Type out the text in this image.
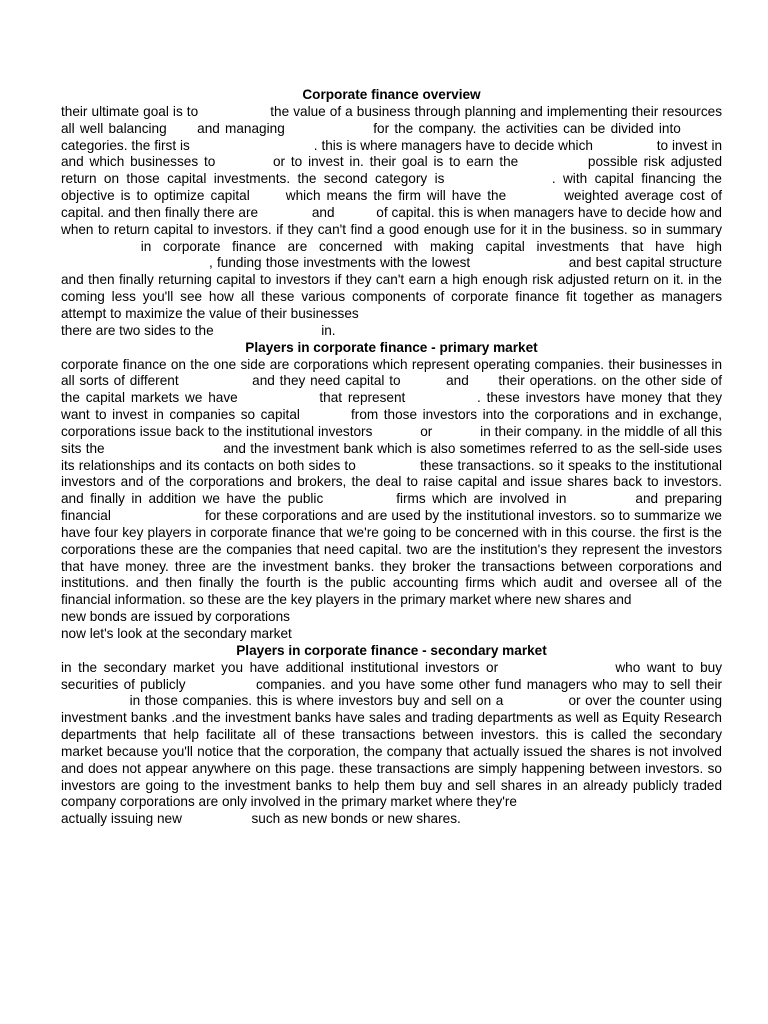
Corporate finance overview
their ultimate goal is to	the value of a business through planning and implementing their resources all well balancing and managing	for the company. the activities can be divided into  categories. the first is	. this is where managers have to decide which	to invest in and which businesses to	or to invest in. their goal is to earn the	possible risk adjusted return on those capital investments. the second category is	. with capital financing the objective is to optimize capital	which means the firm will have the	weighted average cost of capital. and then finally there are	and	of capital. this is when managers have to decide how and when to return capital to investors. if they can't find a good enough use for it in the business. so in summary  in corporate finance are concerned with making capital investments that have high , funding those investments with the lowest	and best capital structure and then finally returning capital to investors if they can't earn a high enough risk adjusted return on it. in the coming less you'll see how all these various components of corporate finance fit together as managers attempt to maximize the value of their businesses
there are two sides to the	in.
Players in corporate finance - primary market
corporate finance on the one side are corporations which represent operating companies. their businesses in all sorts of different	and they need capital to	and their operations. on the other side of the capital markets we have	that represent	. these investors have money that they want to invest in companies so capital	from those investors into the corporations and in exchange, corporations issue back to the institutional investors	or	in their company. in the middle of all this sits the	and the investment bank which is also sometimes referred to as the sell-side uses its relationships and its contacts on both sides to	these transactions. so it speaks to the institutional investors and of the corporations and brokers, the deal to raise capital and issue shares back to investors. and finally in addition we have the public	firms which are involved in	and preparing financial	for these corporations and are used by the institutional investors. so to summarize we have four key players in corporate finance that we're going to be concerned with in this course. the first is the corporations these are the companies that need capital. two are the institution's they represent the investors that have money. three are the investment banks. they broker the transactions between corporations and institutions. and then finally the fourth is the public accounting firms which audit and oversee all of the financial information. so these are the key players in the primary market where new shares and
new bonds are issued by corporations
now let's look at the secondary market
Players in corporate finance - secondary market
in the secondary market you have additional institutional investors or	who want to buy securities of publicly	companies. and you have some other fund managers who may to sell their  in those companies. this is where investors buy and sell on a	or over the counter using investment banks .and the investment banks have sales and trading departments as well as Equity Research departments that help facilitate all of these transactions between investors. this is called the secondary market because you'll notice that the corporation, the company that actually issued the shares is not involved and does not appear anywhere on this page. these transactions are simply happening between investors. so investors are going to the investment banks to help them buy and sell shares in an already publicly traded company corporations are only involved in the primary market where they're
actually issuing new	such as new bonds or new shares.
